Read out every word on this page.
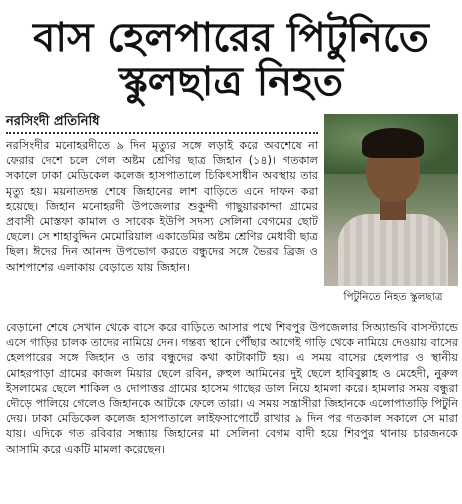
বাস হেলপারের পিটুনিতে
স্কুলছাত্র নিহত
নরসিংদী প্রতিনিধি
নরসিংদীর মনোহরদীতে ৯ দিন মৃত্যুর সঙ্গে লড়াই করে অবশেষে না ফেরার দেশে চলে গেল অষ্টম শ্রেণির ছাত্র জিহান (১৪)। গতকাল সকালে ঢাকা মেডিকেল কলেজ হাসপাতালে চিকিৎসাধীন অবস্থায় তার মৃত্যু হয়। ময়নাতদন্ত শেষে জিহানের লাশ বাড়িতে এনে দাফন করা হয়েছে। জিহান মনোহরদী উপজেলার শুকুন্দী গাছুয়ারকান্দা গ্রামের প্রবাসী মোস্তফা কামাল ও সাবেক ইউপি সদস্য সেলিনা বেগমের ছোট ছেলে। সে শাহাবুদ্দিন মেমোরিয়াল একাডেমির অষ্টম শ্রেণির মেধাবী ছাত্র ছিল। ঈদের দিন আনন্দ উপভোগ করতে বন্ধুদের সঙ্গে ভৈরব ব্রিজ ও আশপাশের এলাকায় বেড়াতে যায় জিহান।
পিটুনিতে নিহত স্কুলছাত্র
বেড়ানো শেষে সেখান থেকে বাসে করে বাড়িতে আসার পথে শিবপুর উপজেলার সিঅ্যান্ডবি বাসস্ট্যান্ডে এসে গাড়ির চালক তাদের নামিয়ে দেন। গন্তব্য স্থানে পৌঁছার আগেই গাড়ি থেকে নামিয়ে দেওয়ায় বাসের হেলপারের সঙ্গে জিহান ও তার বন্ধুদের কথা কাটাকাটি হয়। এ সময় বাসের হেলপার ও স্থানীয় মোহরপাড়া গ্রামের কাজল মিয়ার ছেলে রবিন, রুহুল আমিনের দুই ছেলে হাবিবুল্লাহ ও মেহেদী, নুরুল ইসলামের ছেলে শাকিল ও দোপাত্তর গ্রামের হাসেম গাছের ডাল নিয়ে হামলা করে। হামলার সময় বন্ধুরা দৌড়ে পালিয়ে গেলেও জিহানকে আটকে ফেলে তারা। এ সময় সন্ত্রাসীরা জিহানকে এলোপাতাড়ি পিটুনি দেয়। ঢাকা মেডিকেল কলেজ হাসপাতালে লাইফসাপোর্টে রাখার ৯ দিন পর গতকাল সকালে সে মারা যায়। এদিকে গত রবিবার সন্ধ্যায় জিহানের মা সেলিনা বেগম বাদী হয়ে শিবপুর থানায় চারজনকে আসামি করে একটি মামলা করেছেন।
